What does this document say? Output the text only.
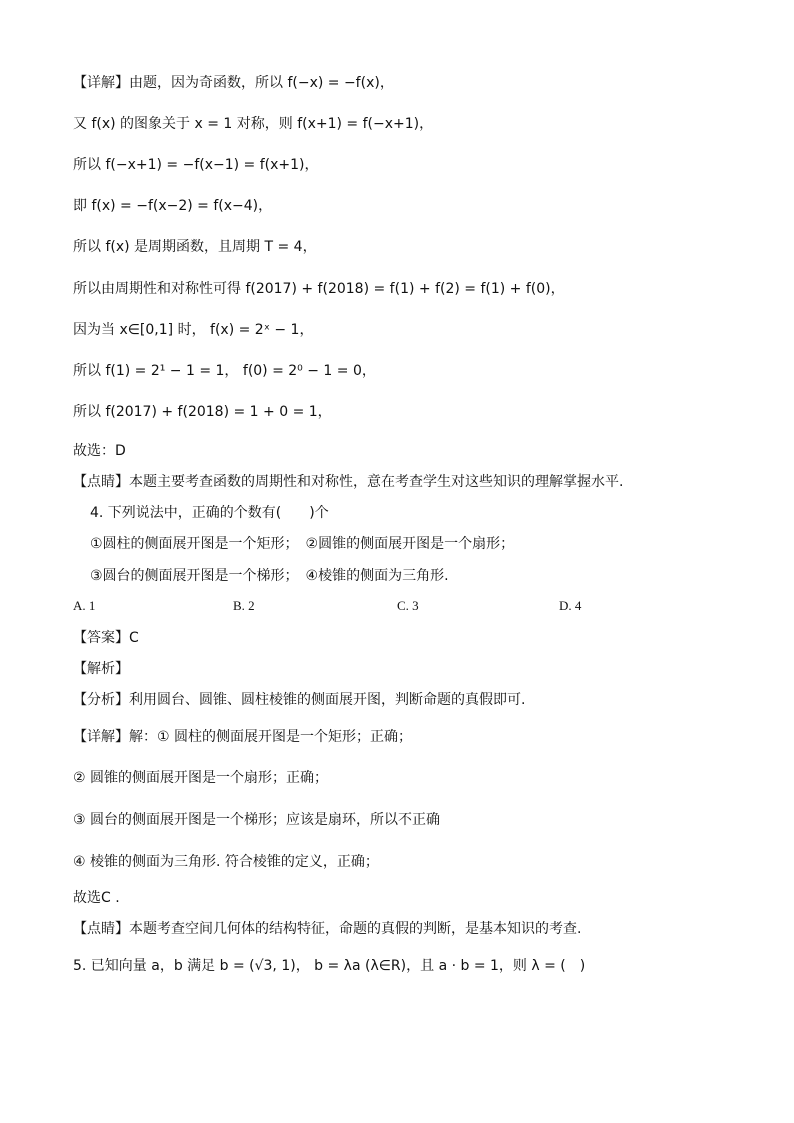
【详解】由题，因为奇函数，所以 f(−x) = −f(x)，
又 f(x) 的图象关于 x = 1 对称，则 f(x+1) = f(−x+1)，
所以 f(−x+1) = −f(x−1) = f(x+1)，
即 f(x) = −f(x−2) = f(x−4)，
所以 f(x) 是周期函数，且周期 T = 4，
所以由周期性和对称性可得 f(2017) + f(2018) = f(1) + f(2) = f(1) + f(0)，
因为当 x∈[0,1] 时， f(x) = 2ˣ − 1，
所以 f(1) = 2¹ − 1 = 1， f(0) = 2⁰ − 1 = 0，
所以 f(2017) + f(2018) = 1 + 0 = 1，
故选：D
【点睛】本题主要考查函数的周期性和对称性，意在考查学生对这些知识的理解掌握水平.
4. 下列说法中，正确的个数有(　　)个
①圆柱的侧面展开图是一个矩形；　②圆锥的侧面展开图是一个扇形；
③圆台的侧面展开图是一个梯形；　④棱锥的侧面为三角形.
【答案】C
【解析】
【分析】利用圆台、圆锥、圆柱棱锥的侧面展开图，判断命题的真假即可.
【详解】解：① 圆柱的侧面展开图是一个矩形；正确；
② 圆锥的侧面展开图是一个扇形；正确；
③ 圆台的侧面展开图是一个梯形；应该是扇环，所以不正确
④ 棱锥的侧面为三角形. 符合棱锥的定义，正确；
故选C .
【点睛】本题考查空间几何体的结构特征，命题的真假的判断，是基本知识的考查.
5. 已知向量 a，b 满足 b = (√3, 1)， b = λa (λ∈R)，且 a · b = 1，则 λ = (　)
A. 1	B. 2	C. 3	D. 4
